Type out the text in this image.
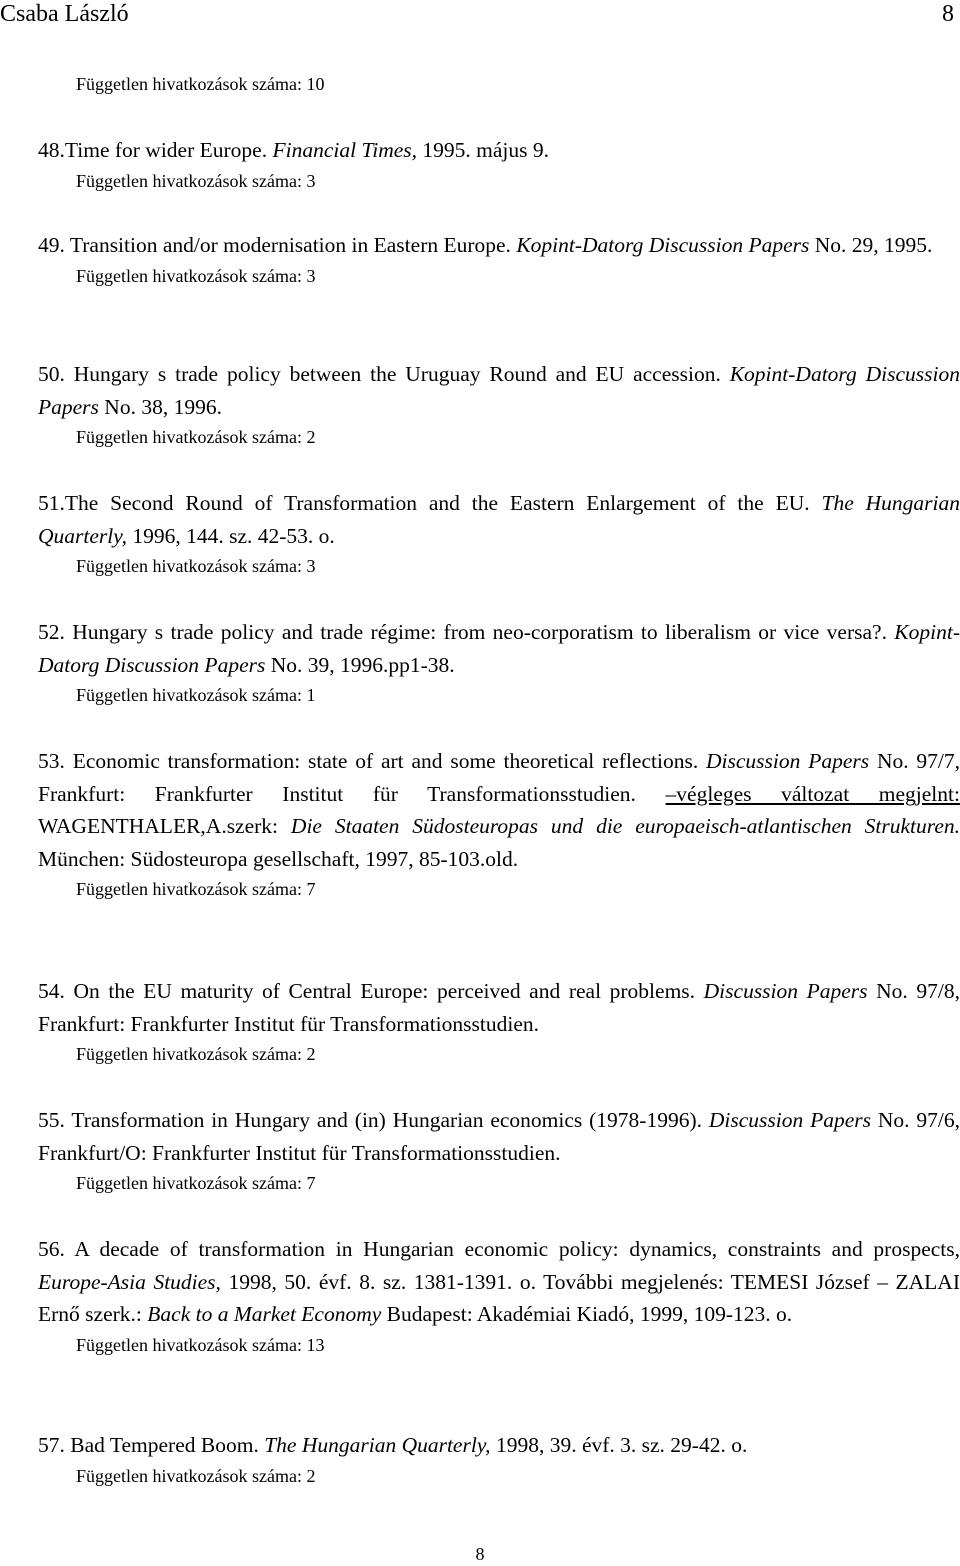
Csaba László	8
Független hivatkozások száma: 10

48.Time for wider Europe. Financial Times, 1995. május 9.

Független hivatkozások száma: 3

49. Transition and/or modernisation in Eastern Europe. Kopint-Datorg Discussion Papers No. 29, 1995.

Független hivatkozások száma: 3

50. Hungary s trade policy between the Uruguay Round and EU accession. Kopint-Datorg Discussion Papers No. 38, 1996.

Független hivatkozások száma: 2

51.The Second Round of Transformation and the Eastern Enlargement of the EU. The Hungarian Quarterly, 1996, 144. sz. 42-53. o.

Független hivatkozások száma: 3

52. Hungary s trade policy and trade régime: from neo-corporatism to liberalism or vice versa?. Kopint-Datorg Discussion Papers No. 39, 1996.pp1-38.

Független hivatkozások száma: 1

53. Economic transformation: state of art and some theoretical reflections. Discussion Papers No. 97/7, Frankfurt: Frankfurter Institut für Transformationsstudien. –végleges változat megjelnt: WAGENTHALER,A.szerk: Die Staaten Südosteuropas und die europaeisch-atlantischen Strukturen. München: Südosteuropa gesellschaft, 1997, 85-103.old.

Független hivatkozások száma: 7

54. On the EU maturity of Central Europe: perceived and real problems. Discussion Papers No. 97/8, Frankfurt: Frankfurter Institut für Transformationsstudien.

Független hivatkozások száma: 2

55. Transformation in Hungary and (in) Hungarian economics (1978-1996). Discussion Papers No. 97/6, Frankfurt/O: Frankfurter Institut für Transformationsstudien.

Független hivatkozások száma: 7

56. A decade of transformation in Hungarian economic policy: dynamics, constraints and prospects, Europe-Asia Studies, 1998, 50. évf. 8. sz. 1381-1391. o. További megjelenés: TEMESI József – ZALAI Ernő szerk.: Back to a Market Economy Budapest: Akadémiai Kiadó, 1999, 109-123. o.

Független hivatkozások száma: 13

57. Bad Tempered Boom. The Hungarian Quarterly, 1998, 39. évf. 3. sz. 29-42. o.

Független hivatkozások száma: 2
8
